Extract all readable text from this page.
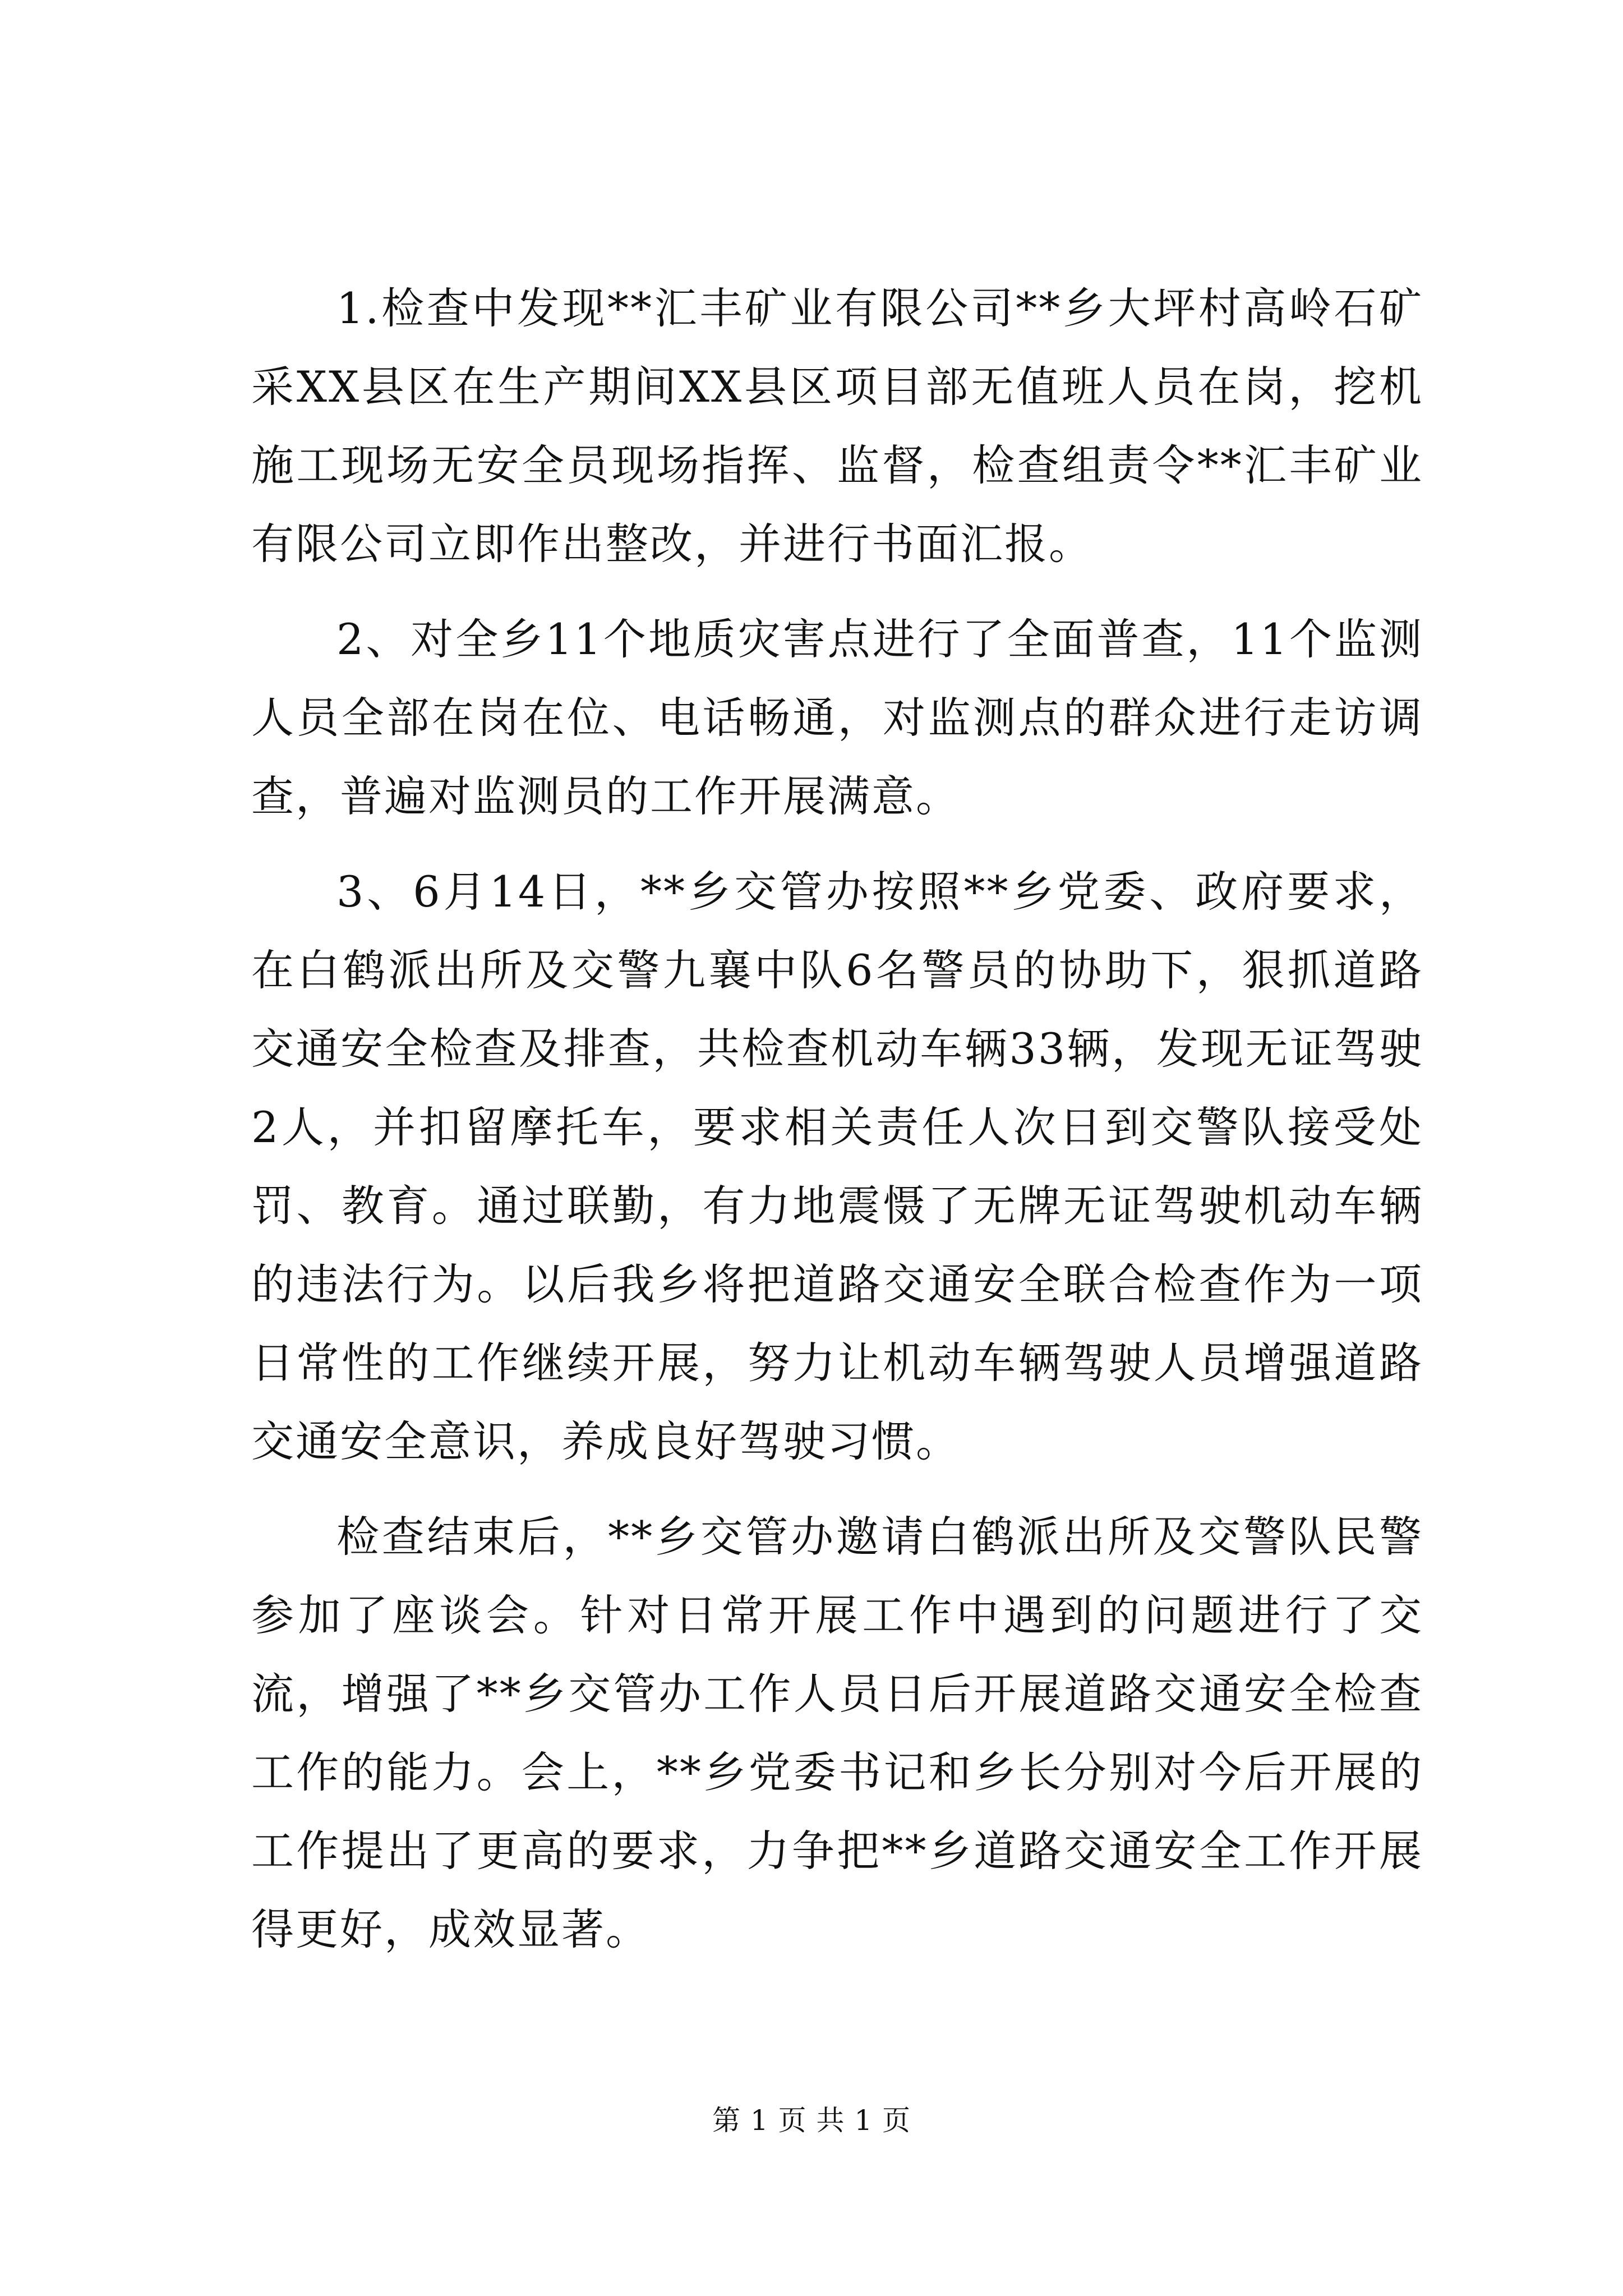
1.检查中发现**汇丰矿业有限公司**乡大坪村高岭石矿采XX县区在生产期间XX县区项目部无值班人员在岗，挖机施工现场无安全员现场指挥、监督，检查组责令**汇丰矿业有限公司立即作出整改，并进行书面汇报。

2、对全乡11个地质灾害点进行了全面普查，11个监测人员全部在岗在位、电话畅通，对监测点的群众进行走访调查，普遍对监测员的工作开展满意。

3、6月14日，**乡交管办按照**乡党委、政府要求，在白鹤派出所及交警九襄中队6名警员的协助下，狠抓道路交通安全检查及排查，共检查机动车辆33辆，发现无证驾驶2人，并扣留摩托车，要求相关责任人次日到交警队接受处罚、教育。通过联勤，有力地震慑了无牌无证驾驶机动车辆的违法行为。以后我乡将把道路交通安全联合检查作为一项日常性的工作继续开展，努力让机动车辆驾驶人员增强道路交通安全意识，养成良好驾驶习惯。

检查结束后，**乡交管办邀请白鹤派出所及交警队民警参加了座谈会。针对日常开展工作中遇到的问题进行了交流，增强了**乡交管办工作人员日后开展道路交通安全检查工作的能力。会上，**乡党委书记和乡长分别对今后开展的工作提出了更高的要求，力争把**乡道路交通安全工作开展得更好，成效显著。

第 1 页 共 1 页
